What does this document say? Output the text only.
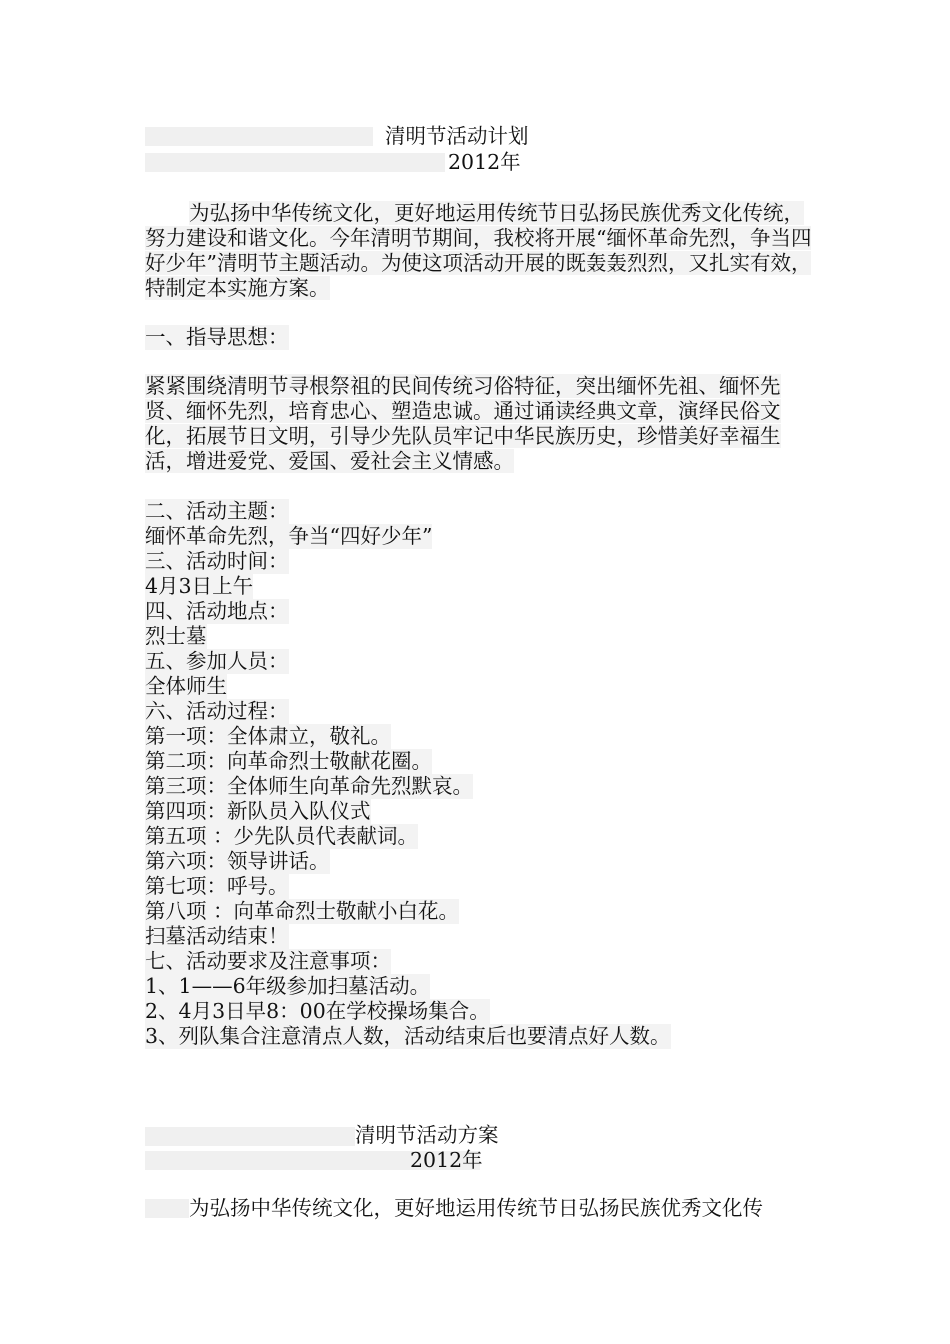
清明节活动计划
2012年
为弘扬中华传统文化，更好地运用传统节日弘扬民族优秀文化传统，努力建设和谐文化。今年清明节期间，我校将开展“缅怀革命先烈，争当四好少年”清明节主题活动。为使这项活动开展的既轰轰烈烈，又扎实有效，特制定本实施方案。
一、指导思想：
紧紧围绕清明节寻根祭祖的民间传统习俗特征，突出缅怀先祖、缅怀先贤、缅怀先烈，培育忠心、塑造忠诚。通过诵读经典文章，演绎民俗文化，拓展节日文明，引导少先队员牢记中华民族历史，珍惜美好幸福生活，增进爱党、爱国、爱社会主义情感。
二、活动主题：
缅怀革命先烈，争当“四好少年”
三、活动时间：
4月3日上午
四、活动地点：
烈士墓
五、参加人员：
全体师生
六、活动过程：
第一项：全体肃立，敬礼。
第二项：向革命烈士敬献花圈。
第三项：全体师生向革命先烈默哀。
第四项：新队员入队仪式
第五项 ：少先队员代表献词。
第六项：领导讲话。
第七项：呼号。
第八项 ：向革命烈士敬献小白花。
扫墓活动结束！
七、活动要求及注意事项：
1、1——6年级参加扫墓活动。
2、4月3日早8：00在学校操场集合。
3、列队集合注意清点人数，活动结束后也要清点好人数。
清明节活动方案
2012年
为弘扬中华传统文化，更好地运用传统节日弘扬民族优秀文化传
